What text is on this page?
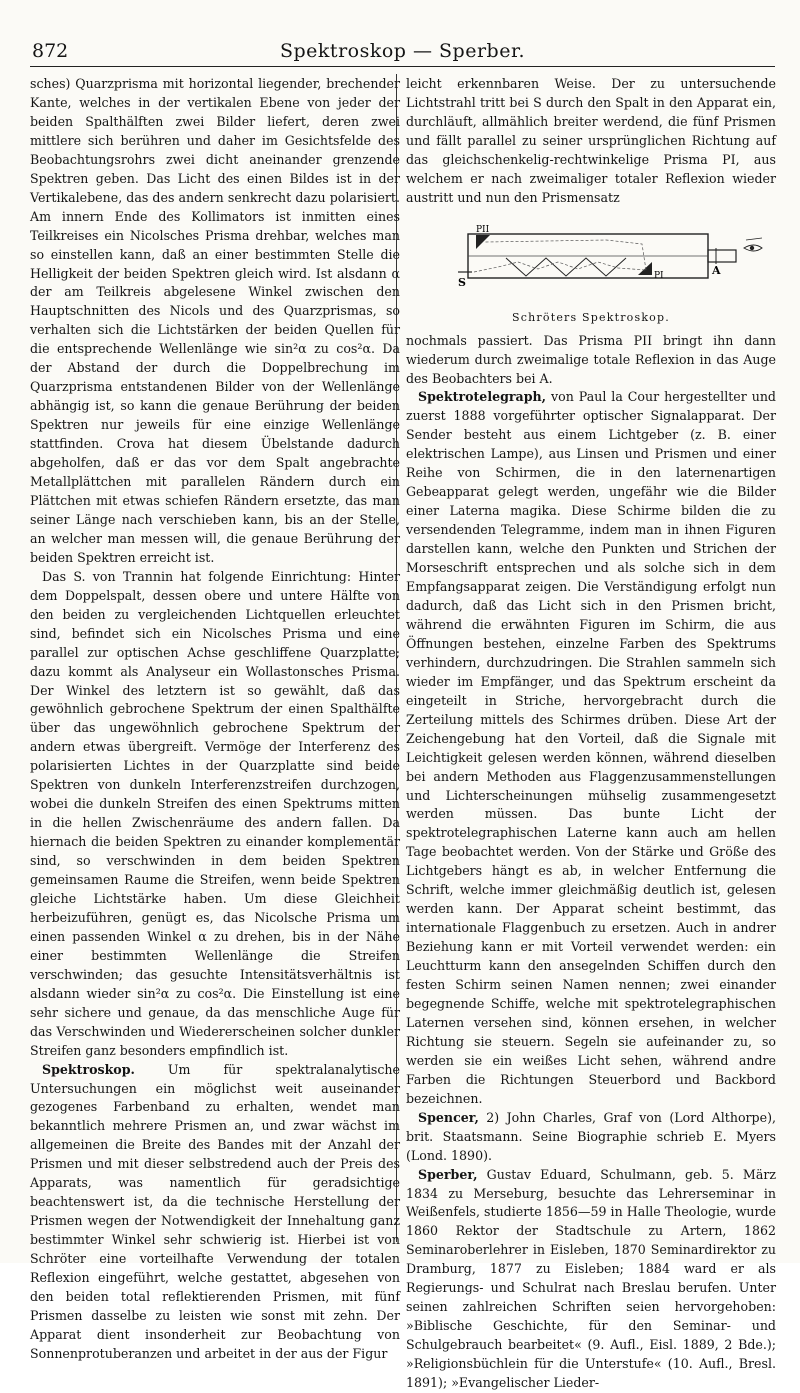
872	Spektroskop — Sperber.

sches) Quarzprisma mit horizontal liegender, brechender Kante, welches in der vertikalen Ebene von jeder der beiden Spalthälften zwei Bilder liefert, deren zwei mittlere sich berühren und daher im Gesichtsfelde des Beobachtungsrohrs zwei dicht aneinander grenzende Spektren geben. Das Licht des einen Bildes ist in der Vertikalebene, das des andern senkrecht dazu polarisiert. Am innern Ende des Kollimators ist inmitten eines Teilkreises ein Nicolsches Prisma drehbar, welches man so einstellen kann, daß an einer bestimmten Stelle die Helligkeit der beiden Spektren gleich wird. Ist alsdann α der am Teilkreis abgelesene Winkel zwischen den Hauptschnitten des Nicols und des Quarzprismas, so verhalten sich die Lichtstärken der beiden Quellen für die entsprechende Wellenlänge wie sin²α zu cos²α. Da der Abstand der durch die Doppelbrechung im Quarzprisma entstandenen Bilder von der Wellenlänge abhängig ist, so kann die genaue Berührung der beiden Spektren nur jeweils für eine einzige Wellenlänge stattfinden. Crova hat diesem Übelstande dadurch abgeholfen, daß er das vor dem Spalt angebrachte Metallplättchen mit parallelen Rändern durch ein Plättchen mit etwas schiefen Rändern ersetzte, das man seiner Länge nach verschieben kann, bis an der Stelle, an welcher man messen will, die genaue Berührung der beiden Spektren erreicht ist.

Das S. von Trannin hat folgende Einrichtung: Hinter dem Doppelspalt, dessen obere und untere Hälfte von den beiden zu vergleichenden Lichtquellen erleuchtet sind, befindet sich ein Nicolsches Prisma und eine parallel zur optischen Achse geschliffene Quarzplatte; dazu kommt als Analyseur ein Wollastonsches Prisma. Der Winkel des letztern ist so gewählt, daß das gewöhnlich gebrochene Spektrum der einen Spalthälfte über das ungewöhnlich gebrochene Spektrum der andern etwas übergreift. Vermöge der Interferenz des polarisierten Lichtes in der Quarzplatte sind beide Spektren von dunkeln Interferenzstreifen durchzogen, wobei die dunkeln Streifen des einen Spektrums mitten in die hellen Zwischenräume des andern fallen. Da hiernach die beiden Spektren zu einander komplementär sind, so verschwinden in dem beiden Spektren gemeinsamen Raume die Streifen, wenn beide Spektren gleiche Lichtstärke haben. Um diese Gleichheit herbeizuführen, genügt es, das Nicolsche Prisma um einen passenden Winkel α zu drehen, bis in der Nähe einer bestimmten Wellenlänge die Streifen verschwinden; das gesuchte Intensitätsverhältnis ist alsdann wieder sin²α zu cos²α. Die Einstellung ist eine sehr sichere und genaue, da das menschliche Auge für das Verschwinden und Wiedererscheinen solcher dunkler Streifen ganz besonders empfindlich ist.

Spektroskop. Um für spektralanalytische Untersuchungen ein möglichst weit auseinander gezogenes Farbenband zu erhalten, wendet man bekanntlich mehrere Prismen an, und zwar wächst im allgemeinen die Breite des Bandes mit der Anzahl der Prismen und mit dieser selbstredend auch der Preis des Apparats, was namentlich für geradsichtige beachtenswert ist, da die technische Herstellung der Prismen wegen der Notwendigkeit der Innehaltung ganz bestimmter Winkel sehr schwierig ist. Hierbei ist von Schröter eine vorteilhafte Verwendung der totalen Reflexion eingeführt, welche gestattet, abgesehen von den beiden total reflektierenden Prismen, mit fünf Prismen dasselbe zu leisten wie sonst mit zehn. Der Apparat dient insonderheit zur Beobachtung von Sonnenprotuberanzen und arbeitet in der aus der Figur

leicht erkennbaren Weise. Der zu untersuchende Lichtstrahl tritt bei S durch den Spalt in den Apparat ein, durchläuft, allmählich breiter werdend, die fünf Prismen und fällt parallel zu seiner ursprünglichen Richtung auf das gleichschenkelig-rechtwinkelige Prisma PI, aus welchem er nach zweimaliger totaler Reflexion wieder austritt und nun den Prismensatz

PII
PI
S
A
Schröters Spektroskop.

nochmals passiert. Das Prisma PII bringt ihn dann wiederum durch zweimalige totale Reflexion in das Auge des Beobachters bei A.

Spektrotelegraph, von Paul la Cour hergestellter und zuerst 1888 vorgeführter optischer Signalapparat. Der Sender besteht aus einem Lichtgeber (z. B. einer elektrischen Lampe), aus Linsen und Prismen und einer Reihe von Schirmen, die in den laternenartigen Gebeapparat gelegt werden, ungefähr wie die Bilder einer Laterna magika. Diese Schirme bilden die zu versendenden Telegramme, indem man in ihnen Figuren darstellen kann, welche den Punkten und Strichen der Morseschrift entsprechen und als solche sich in dem Empfangsapparat zeigen. Die Verständigung erfolgt nun dadurch, daß das Licht sich in den Prismen bricht, während die erwähnten Figuren im Schirm, die aus Öffnungen bestehen, einzelne Farben des Spektrums verhindern, durchzudringen. Die Strahlen sammeln sich wieder im Empfänger, und das Spektrum erscheint da eingeteilt in Striche, hervorgebracht durch die Zerteilung mittels des Schirmes drüben. Diese Art der Zeichengebung hat den Vorteil, daß die Signale mit Leichtigkeit gelesen werden können, während dieselben bei andern Methoden aus Flaggenzusammenstellungen und Lichterscheinungen mühselig zusammengesetzt werden müssen. Das bunte Licht der spektrotelegraphischen Laterne kann auch am hellen Tage beobachtet werden. Von der Stärke und Größe des Lichtgebers hängt es ab, in welcher Entfernung die Schrift, welche immer gleichmäßig deutlich ist, gelesen werden kann. Der Apparat scheint bestimmt, das internationale Flaggenbuch zu ersetzen. Auch in andrer Beziehung kann er mit Vorteil verwendet werden: ein Leuchtturm kann den ansegelnden Schiffen durch den festen Schirm seinen Namen nennen; zwei einander begegnende Schiffe, welche mit spektrotelegraphischen Laternen versehen sind, können ersehen, in welcher Richtung sie steuern. Segeln sie aufeinander zu, so werden sie ein weißes Licht sehen, während andre Farben die Richtungen Steuerbord und Backbord bezeichnen.

Spencer, 2) John Charles, Graf von (Lord Althorpe), brit. Staatsmann. Seine Biographie schrieb E. Myers (Lond. 1890).

Sperber, Gustav Eduard, Schulmann, geb. 5. März 1834 zu Merseburg, besuchte das Lehrerseminar in Weißenfels, studierte 1856—59 in Halle Theologie, wurde 1860 Rektor der Stadtschule zu Artern, 1862 Seminaroberlehrer in Eisleben, 1870 Seminardirektor zu Dramburg, 1877 zu Eisleben; 1884 ward er als Regierungs- und Schulrat nach Breslau berufen. Unter seinen zahlreichen Schriften seien hervorgehoben: »Biblische Geschichte, für den Seminar- und Schulgebrauch bearbeitet« (9. Aufl., Eisl. 1889, 2 Bde.); »Religionsbüchlein für die Unterstufe« (10. Aufl., Bresl. 1891); »Evangelischer Lieder-
